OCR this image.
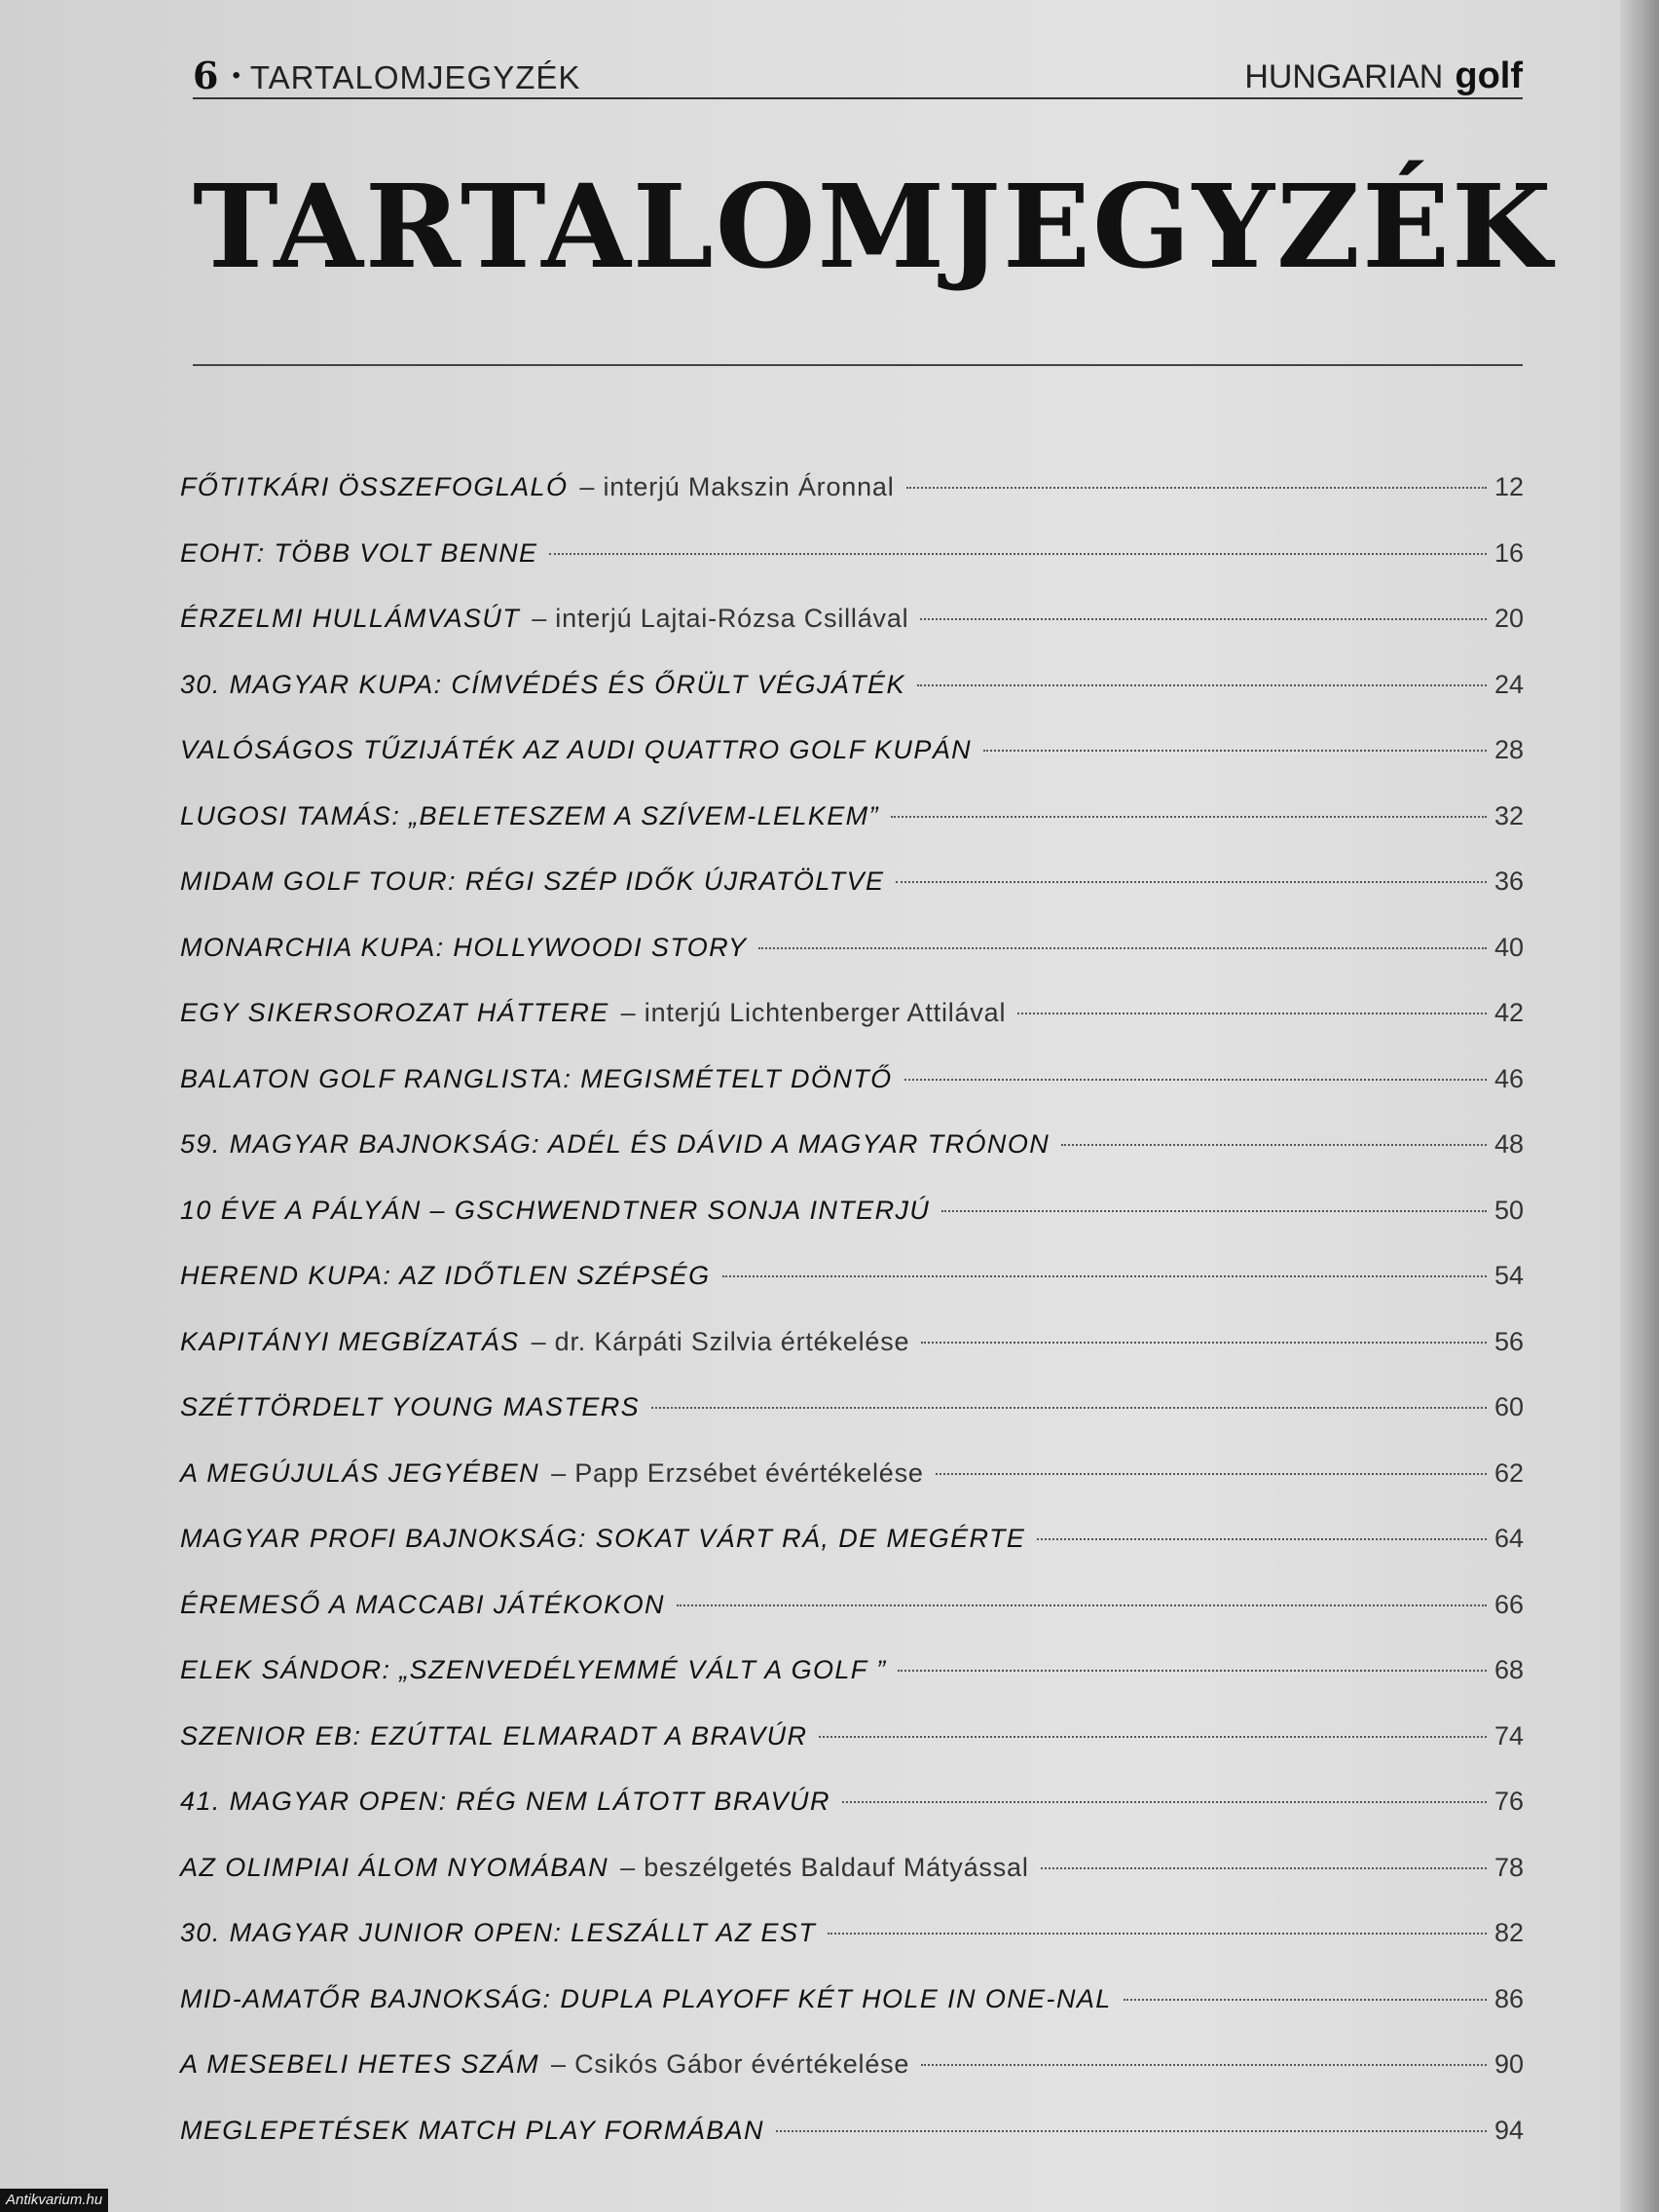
6 • TARTALOMJEGYZÉK	HUNGARIAN golf
TARTALOMJEGYZÉK
FŐTITKÁRI ÖSSZEFOGLALÓ – interjú Makszin Áronnal	12
EOHT: TÖBB VOLT BENNE	16
ÉRZELMI HULLÁMVASÚT – interjú Lajtai-Rózsa Csillával	20
30. MAGYAR KUPA: CÍMVÉDÉS ÉS ŐRÜLT VÉGJÁTÉK	24
VALÓSÁGOS TŰZIJÁTÉK AZ AUDI QUATTRO GOLF KUPÁN	28
LUGOSI TAMÁS: „BELETESZEM A SZÍVEM-LELKEM”	32
MIDAM GOLF TOUR: RÉGI SZÉP IDŐK ÚJRATÖLTVE	36
MONARCHIA KUPA: HOLLYWOODI STORY	40
EGY SIKERSOROZAT HÁTTERE – interjú Lichtenberger Attilával	42
BALATON GOLF RANGLISTA: MEGISMÉTELT DÖNTŐ	46
59. MAGYAR BAJNOKSÁG: ADÉL ÉS DÁVID A MAGYAR TRÓNON	48
10 ÉVE A PÁLYÁN – GSCHWENDTNER SONJA INTERJÚ	50
HEREND KUPA: AZ IDŐTLEN SZÉPSÉG	54
KAPITÁNYI MEGBÍZATÁS – dr. Kárpáti Szilvia értékelése	56
SZÉTTÖRDELT YOUNG MASTERS	60
A MEGÚJULÁS JEGYÉBEN – Papp Erzsébet évértékelése	62
MAGYAR PROFI BAJNOKSÁG: SOKAT VÁRT RÁ, DE MEGÉRTE	64
ÉREMESŐ A MACCABI JÁTÉKOKON	66
ELEK SÁNDOR: „SZENVEDÉLYEMMÉ VÁLT A GOLF ”	68
SZENIOR EB: EZÚTTAL ELMARADT A BRAVÚR	74
41. MAGYAR OPEN: RÉG NEM LÁTOTT BRAVÚR	76
AZ OLIMPIAI ÁLOM NYOMÁBAN – beszélgetés Baldauf Mátyással	78
30. MAGYAR JUNIOR OPEN: LESZÁLLT AZ EST	82
MID-AMATŐR BAJNOKSÁG: DUPLA PLAYOFF KÉT HOLE IN ONE-NAL	86
A MESEBELI HETES SZÁM – Csikós Gábor évértékelése	90
MEGLEPETÉSEK MATCH PLAY FORMÁBAN	94
Antikvarium.hu
